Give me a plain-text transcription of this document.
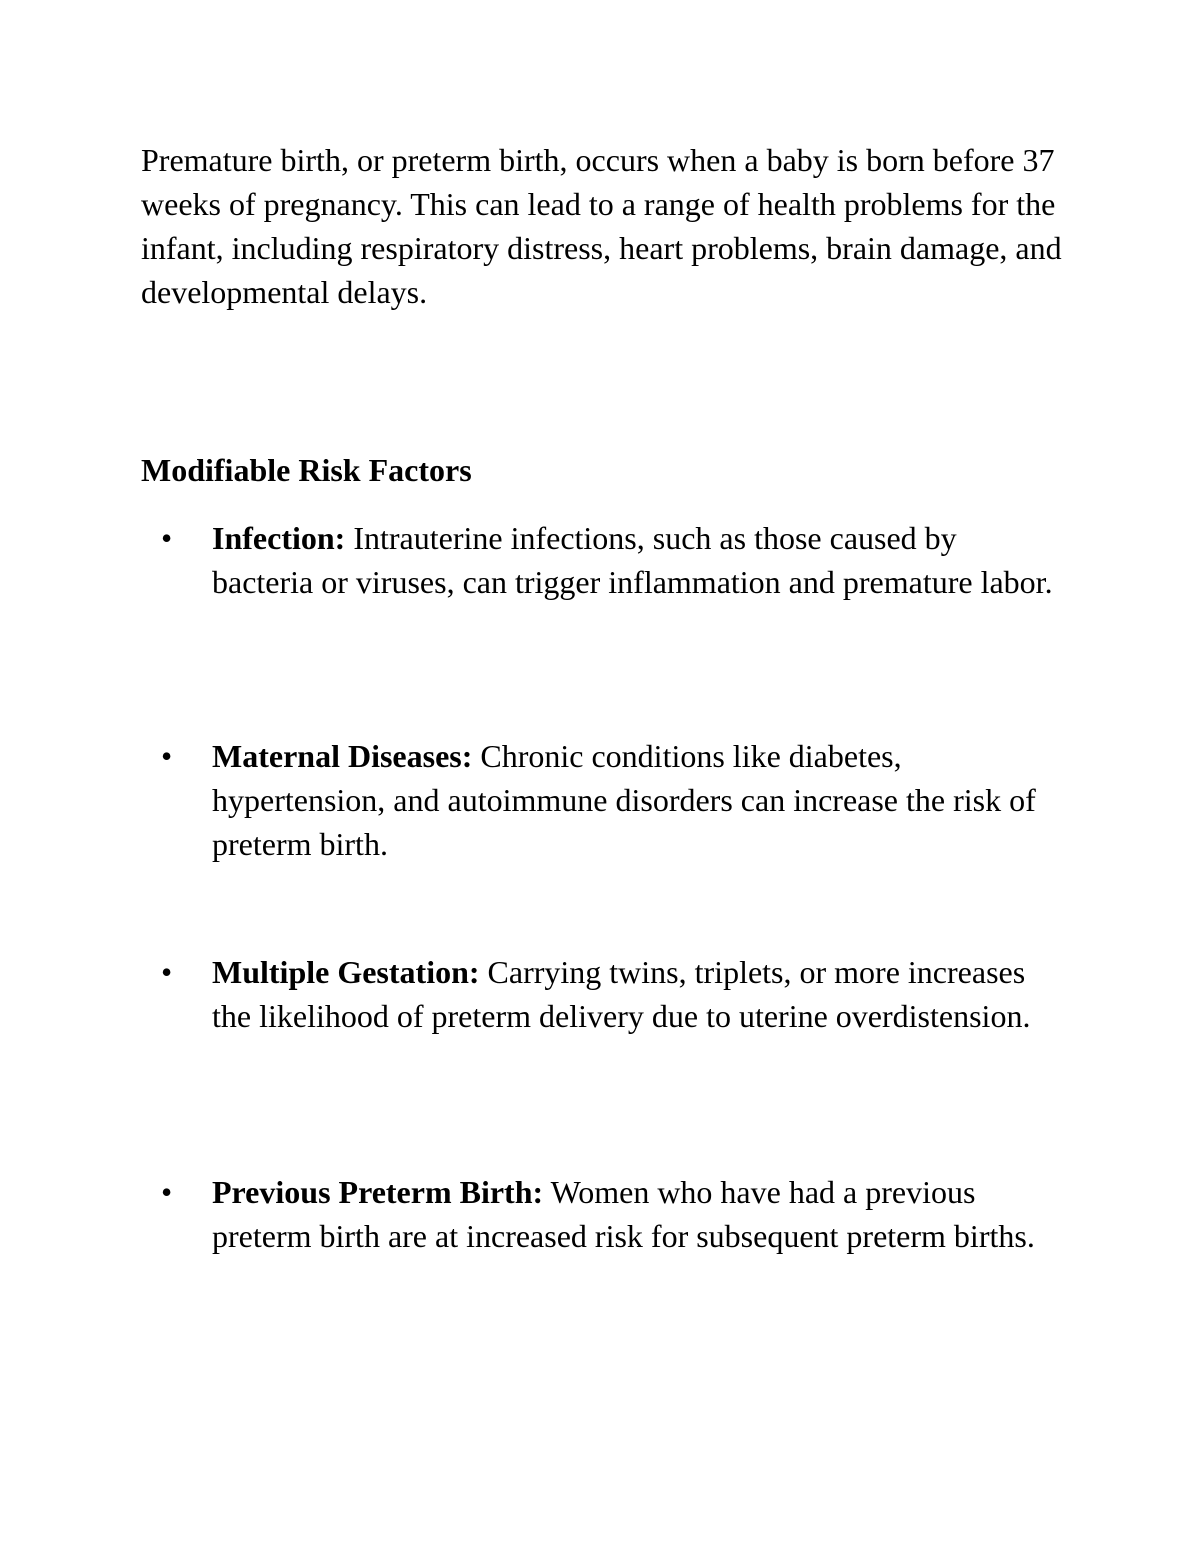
Premature birth, or preterm birth, occurs when a baby is born before 37 weeks of pregnancy. This can lead to a range of health problems for the infant, including respiratory distress, heart problems, brain damage, and developmental delays.

Modifiable Risk Factors
• Infection: Intrauterine infections, such as those caused by bacteria or viruses, can trigger inflammation and premature labor.

• Maternal Diseases: Chronic conditions like diabetes, hypertension, and autoimmune disorders can increase the risk of preterm birth.

• Multiple Gestation: Carrying twins, triplets, or more increases the likelihood of preterm delivery due to uterine overdistension.

• Previous Preterm Birth: Women who have had a previous preterm birth are at increased risk for subsequent preterm births.
